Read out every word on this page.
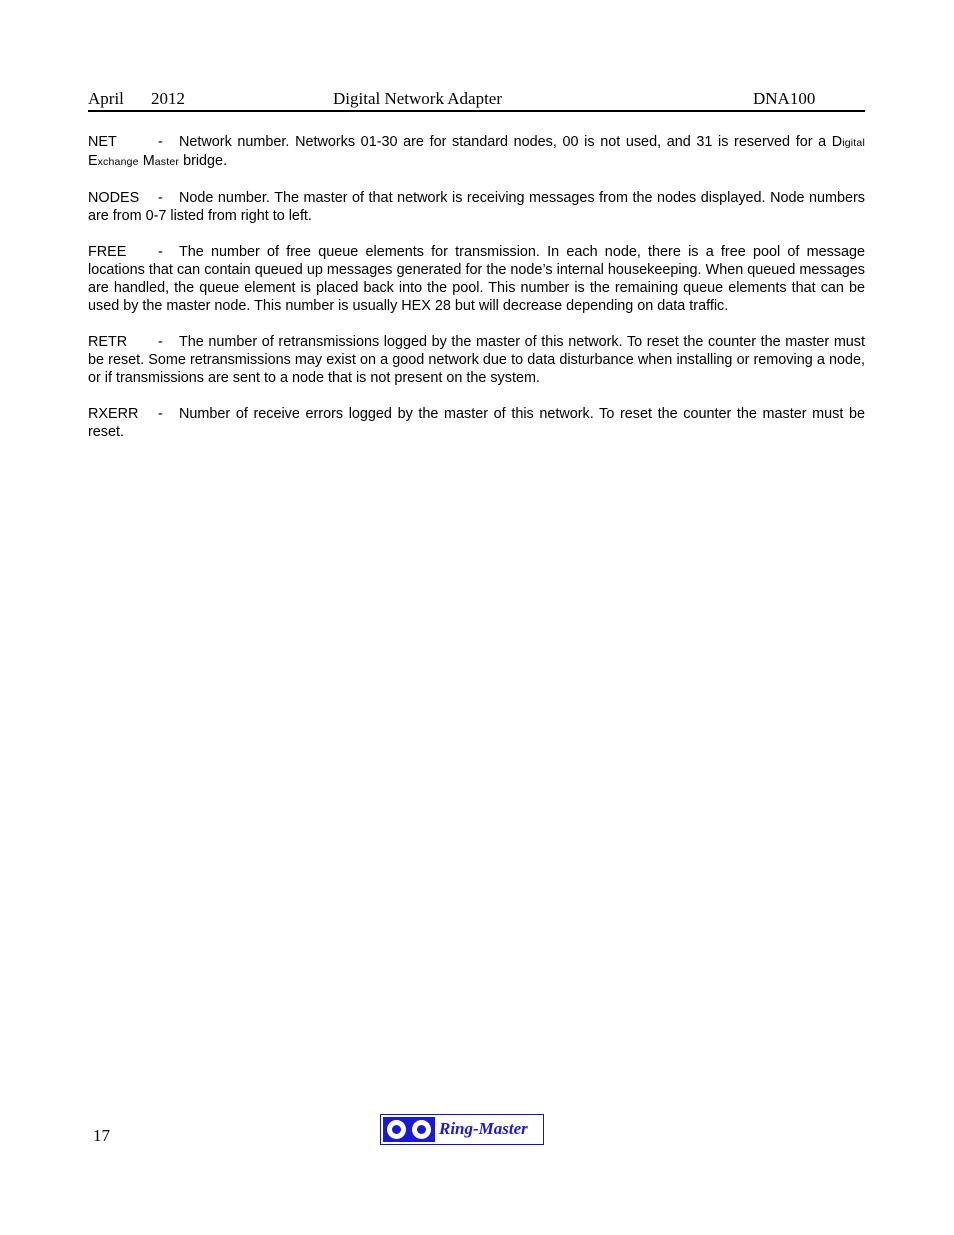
April 2012	Digital Network Adapter	DNA100

NET	- Network number. Networks 01-30 are for standard nodes, 00 is not used, and 31 is reserved for a Digital Exchange Master bridge.

NODES - Node number. The master of that network is receiving messages from the nodes displayed. Node numbers are from 0-7 listed from right to left.

FREE - The number of free queue elements for transmission. In each node, there is a free pool of message locations that can contain queued up messages generated for the node’s internal housekeeping. When queued messages are handled, the queue element is placed back into the pool. This number is the remaining queue elements that can be used by the master node. This number is usually HEX 28 but will decrease depending on data traffic.

RETR - The number of retransmissions logged by the master of this network. To reset the counter the master must be reset. Some retransmissions may exist on a good network due to data disturbance when installing or removing a node, or if transmissions are sent to a node that is not present on the system.

RXERR - Number of receive errors logged by the master of this network. To reset the counter the master must be reset.

17	Ring-Master
